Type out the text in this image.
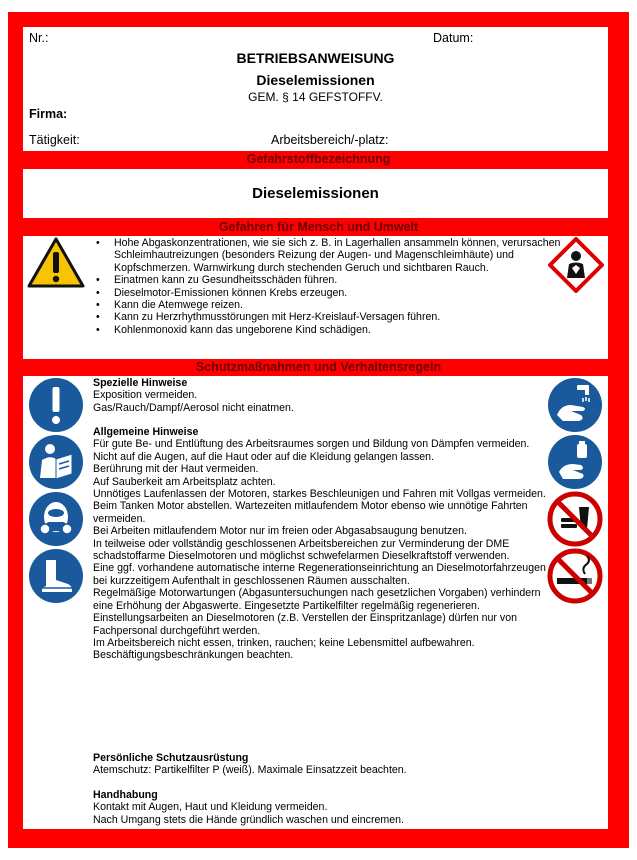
Nr.:	Datum:
BETRIEBSANWEISUNG
Dieselemissionen
GEM. § 14 GEFSTOFFV.
Firma:
Tätigkeit:	Arbeitsbereich/-platz:
Gefahrstoffbezeichnung
Dieselemissionen
Gefahren für Mensch und Umwelt
• Hohe Abgaskonzentrationen, wie sie sich z. B. in Lagerhallen ansammeln können, verursachen Schleimhautreizungen (besonders Reizung der Augen- und Magenschleimhäute) und Kopfschmerzen. Warnwirkung durch stechenden Geruch und sichtbaren Rauch.
• Einatmen kann zu Gesundheitsschäden führen.
• Dieselmotor-Emissionen können Krebs erzeugen.
• Kann die Atemwege reizen.
• Kann zu Herzrhythmusstörungen mit Herz-Kreislauf-Versagen führen.
• Kohlenmonoxid kann das ungeborene Kind schädigen.
Schutzmaßnahmen und Verhaltensregeln

Spezielle Hinweise

Exposition vermeiden.

Gas/Rauch/Dampf/Aerosol nicht einatmen.

Allgemeine Hinweise

Für gute Be- und Entlüftung des Arbeitsraumes sorgen und Bildung von Dämpfen vermeiden.

Nicht auf die Augen, auf die Haut oder auf die Kleidung gelangen lassen.

Berührung mit der Haut vermeiden.

Auf Sauberkeit am Arbeitsplatz achten.

Unnötiges Laufenlassen der Motoren, starkes Beschleunigen und Fahren mit Vollgas vermeiden.

Beim Tanken Motor abstellen. Wartezeiten mitlaufendem Motor ebenso wie unnötige Fahrten vermeiden.

Bei Arbeiten mitlaufendem Motor nur im freien oder Abgasabsaugung benutzen.

In teilweise oder vollständig geschlossenen Arbeitsbereichen zur Verminderung der DME schadstoffarme Dieselmotoren und möglichst schwefelarmen Dieselkraftstoff verwenden.

Eine ggf. vorhandene automatische interne Regenerationseinrichtung an Dieselmotorfahrzeugen bei kurzzeitigem Aufenthalt in geschlossenen Räumen ausschalten.

Regelmäßige Motorwartungen (Abgasuntersuchungen nach gesetzlichen Vorgaben) verhindern eine Erhöhung der Abgaswerte. Eingesetzte Partikelfilter regelmäßig regenerieren.

Einstellungsarbeiten an Dieselmotoren (z.B. Verstellen der Einspritzanlage) dürfen nur von Fachpersonal durchgeführt werden.

Im Arbeitsbereich nicht essen, trinken, rauchen; keine Lebensmittel aufbewahren. Beschäftigungsbeschränkungen beachten.

Persönliche Schutzausrüstung

Atemschutz: Partikelfilter P (weiß). Maximale Einsatzzeit beachten.

Handhabung

Kontakt mit Augen, Haut und Kleidung vermeiden.

Nach Umgang stets die Hände gründlich waschen und eincremen.
